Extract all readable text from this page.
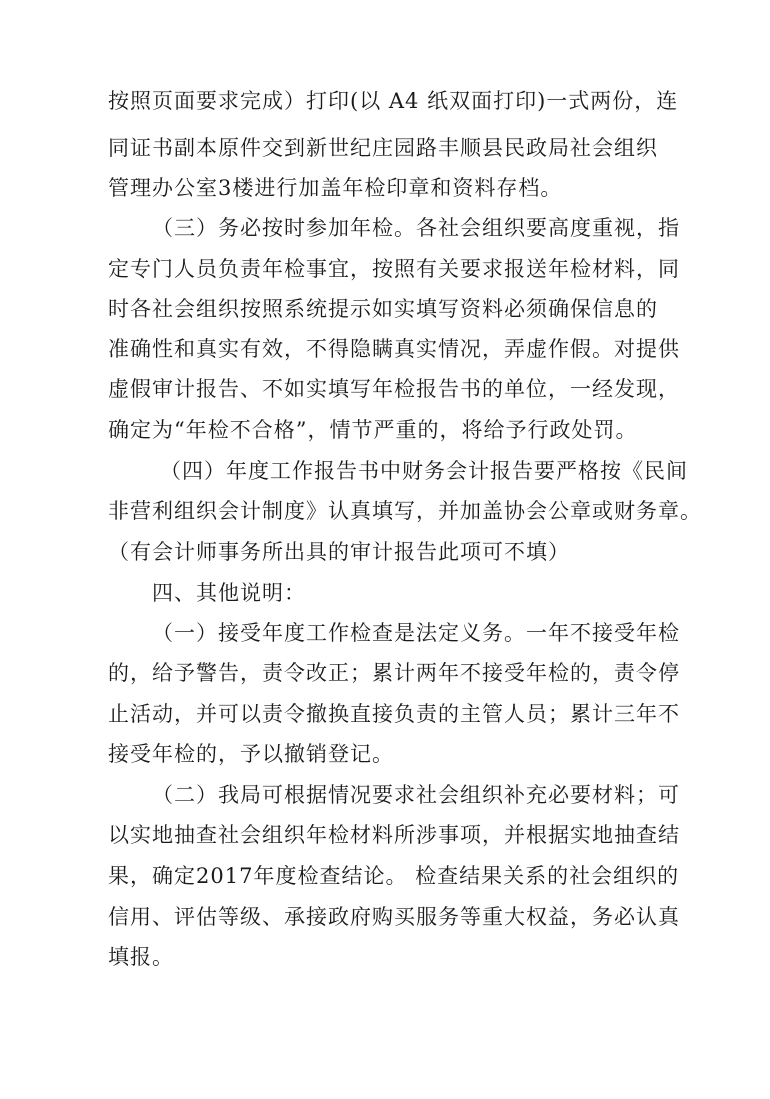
按照页面要求完成）打印(以 A4 纸双面打印)一式两份，连
同证书副本原件交到新世纪庄园路丰顺县民政局社会组织
管理办公室3楼进行加盖年检印章和资料存档。
（三）务必按时参加年检。各社会组织要高度重视，指
定专门人员负责年检事宜，按照有关要求报送年检材料，同
时各社会组织按照系统提示如实填写资料必须确保信息的
准确性和真实有效，不得隐瞒真实情况，弄虚作假。对提供
虚假审计报告、不如实填写年检报告书的单位，一经发现，
确定为“年检不合格”，情节严重的，将给予行政处罚。
（四）年度工作报告书中财务会计报告要严格按《民间
非营利组织会计制度》认真填写，并加盖协会公章或财务章。
（有会计师事务所出具的审计报告此项可不填）
四、其他说明：
（一）接受年度工作检查是法定义务。一年不接受年检
的，给予警告，责令改正；累计两年不接受年检的，责令停
止活动，并可以责令撤换直接负责的主管人员；累计三年不
接受年检的，予以撤销登记。
（二）我局可根据情况要求社会组织补充必要材料；可
以实地抽查社会组织年检材料所涉事项，并根据实地抽查结
果，确定2017年度检查结论。 检查结果关系的社会组织的
信用、评估等级、承接政府购买服务等重大权益，务必认真
填报。
